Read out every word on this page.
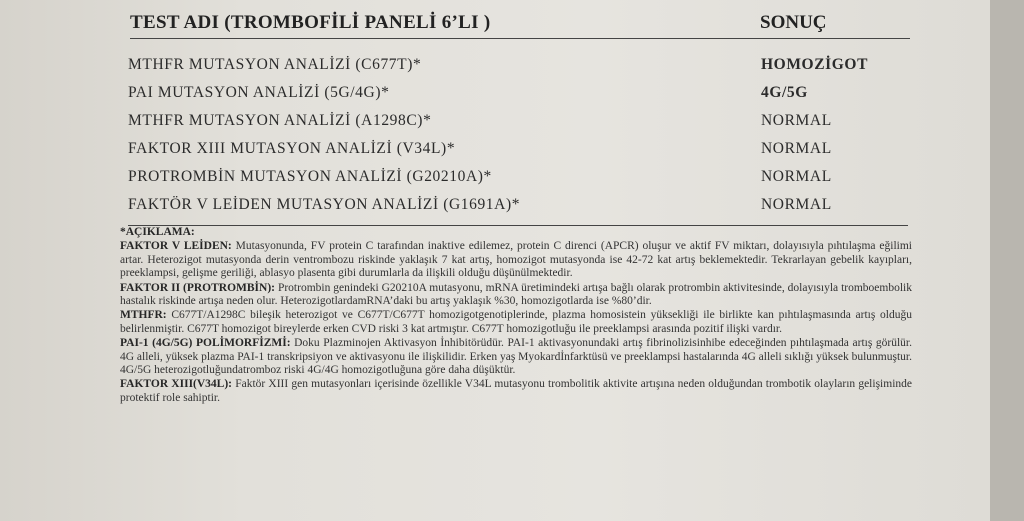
TEST ADI (TROMBOFİLİ PANELİ 6’LI )	SONUÇ
MTHFR MUTASYON ANALİZİ (C677T)*	HOMOZİGOT
PAI MUTASYON ANALİZİ (5G/4G)*	4G/5G
MTHFR MUTASYON ANALİZİ (A1298C)*	NORMAL
FAKTOR XIII MUTASYON ANALİZİ (V34L)*	NORMAL
PROTROMBİN MUTASYON ANALİZİ (G20210A)*	NORMAL
FAKTÖR V LEİDEN MUTASYON ANALİZİ (G1691A)*	NORMAL

*AÇIKLAMA:

FAKTOR V LEİDEN: Mutasyonunda, FV protein C tarafından inaktive edilemez, protein C direnci (APCR) oluşur ve aktif FV miktarı, dolayısıyla pıhtılaşma eğilimi artar. Heterozigot mutasyonda derin ventrombozu riskinde yaklaşık 7 kat artış, homozigot mutasyonda ise 42-72 kat artış beklemektedir. Tekrarlayan gebelik kayıpları, preeklampsi, gelişme geriliği, ablasyo plasenta gibi durumlarla da ilişkili olduğu düşünülmektedir.

FAKTOR II (PROTROMBİN): Protrombin genindeki G20210A mutasyonu, mRNA üretimindeki artışa bağlı olarak protrombin aktivitesinde, dolayısıyla tromboembolik hastalık riskinde artışa neden olur. HeterozigotlardamRNA’daki bu artış yaklaşık %30, homozigotlarda ise %80’dir.

MTHFR: C677T/A1298C bileşik heterozigot ve C677T/C677T homozigotgenotiplerinde, plazma homosistein yüksekliği ile birlikte kan pıhtılaşmasında artış olduğu belirlenmiştir. C677T homozigot bireylerde erken CVD riski 3 kat artmıştır. C677T homozigotluğu ile preeklampsi arasında pozitif ilişki vardır.

PAI-1 (4G/5G) POLİMORFİZMİ: Doku Plazminojen Aktivasyon İnhibitörüdür. PAI-1 aktivasyonundaki artış fibrinolizisinhibe edeceğinden pıhtılaşmada artış görülür. 4G alleli, yüksek plazma PAI-1 transkripsiyon ve aktivasyonu ile ilişkilidir. Erken yaş Myokardİnfarktüsü ve preeklampsi hastalarında 4G alleli sıklığı yüksek bulunmuştur. 4G/5G heterozigotluğundatromboz riski 4G/4G homozigotluğuna göre daha düşüktür.

FAKTOR XIII(V34L): Faktör XIII gen mutasyonları içerisinde özellikle V34L mutasyonu trombolitik aktivite artışına neden olduğundan trombotik olayların gelişiminde protektif role sahiptir.
